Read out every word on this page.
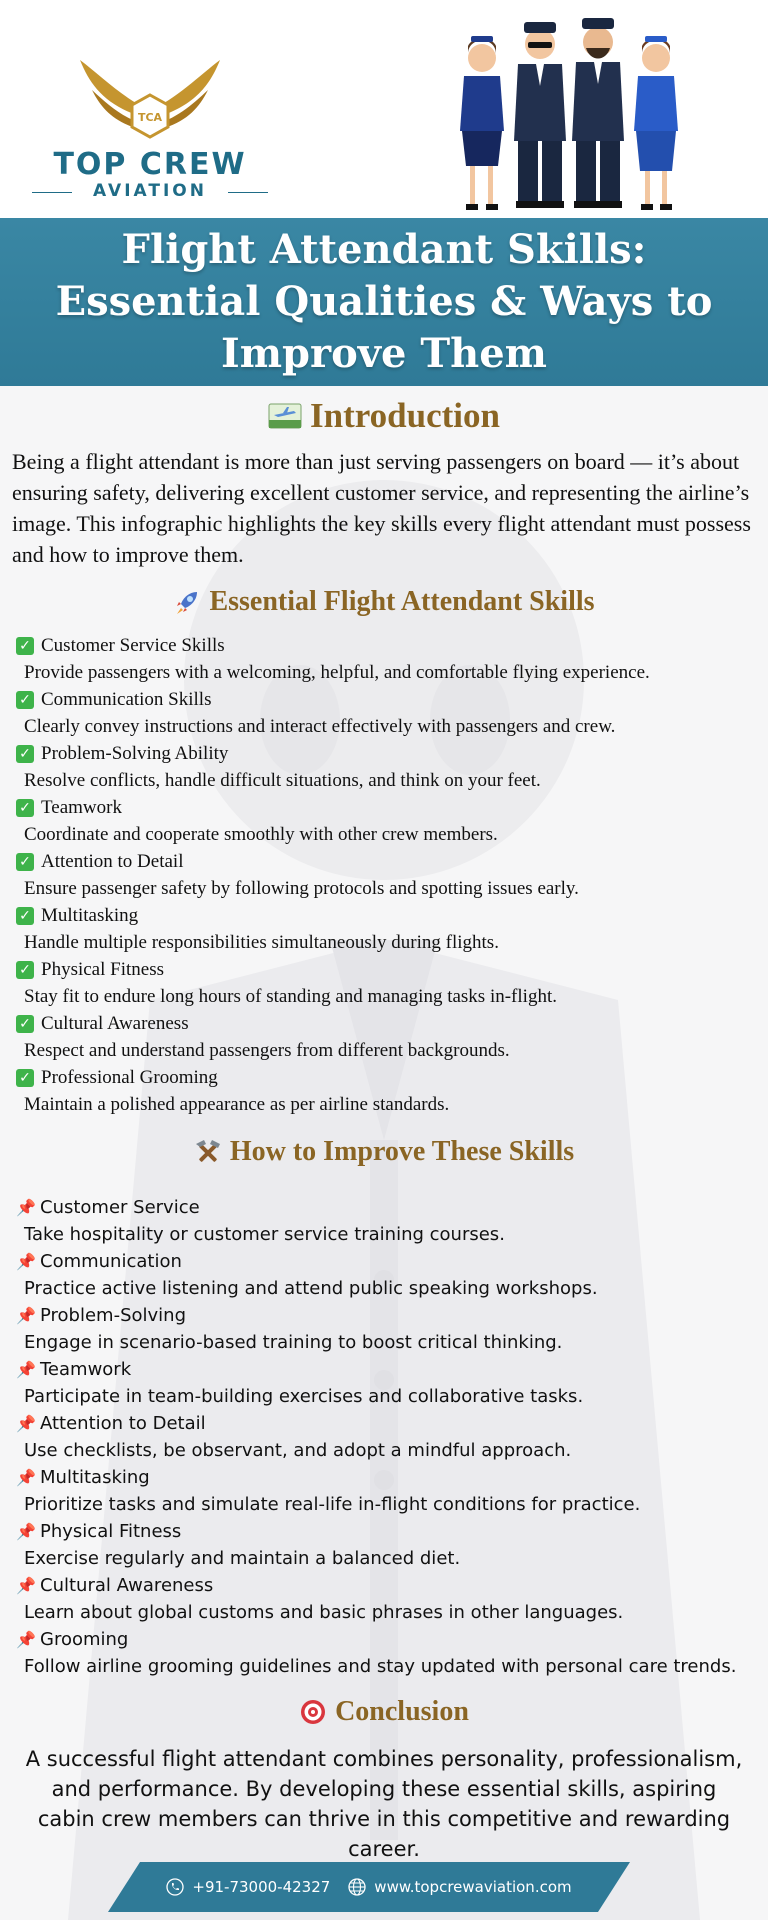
TCA
TOP CREW
AVIATION
Flight Attendant Skills: Essential Qualities & Ways to Improve Them
Introduction
Being a flight attendant is more than just serving passengers on board — it’s about ensuring safety, delivering excellent customer service, and representing the airline’s image. This infographic highlights the key skills every flight attendant must possess and how to improve them.
Essential Flight Attendant Skills
✓ Customer Service Skills
Provide passengers with a welcoming, helpful, and comfortable flying experience.
✓ Communication Skills
Clearly convey instructions and interact effectively with passengers and crew.
✓ Problem-Solving Ability
Resolve conflicts, handle difficult situations, and think on your feet.
✓ Teamwork
Coordinate and cooperate smoothly with other crew members.
✓ Attention to Detail
Ensure passenger safety by following protocols and spotting issues early.
✓ Multitasking
Handle multiple responsibilities simultaneously during flights.
✓ Physical Fitness
Stay fit to endure long hours of standing and managing tasks in-flight.
✓ Cultural Awareness
Respect and understand passengers from different backgrounds.
✓ Professional Grooming
Maintain a polished appearance as per airline standards.
How to Improve These Skills
📌 Customer Service
Take hospitality or customer service training courses.
📌 Communication
Practice active listening and attend public speaking workshops.
📌 Problem-Solving
Engage in scenario-based training to boost critical thinking.
📌 Teamwork
Participate in team-building exercises and collaborative tasks.
📌 Attention to Detail
Use checklists, be observant, and adopt a mindful approach.
📌 Multitasking
Prioritize tasks and simulate real-life in-flight conditions for practice.
📌 Physical Fitness
Exercise regularly and maintain a balanced diet.
📌 Cultural Awareness
Learn about global customs and basic phrases in other languages.
📌 Grooming
Follow airline grooming guidelines and stay updated with personal care trends.
Conclusion
A successful flight attendant combines personality, professionalism, and performance. By developing these essential skills, aspiring cabin crew members can thrive in this competitive and rewarding career.
+91-73000-42327	www.topcrewaviation.com
